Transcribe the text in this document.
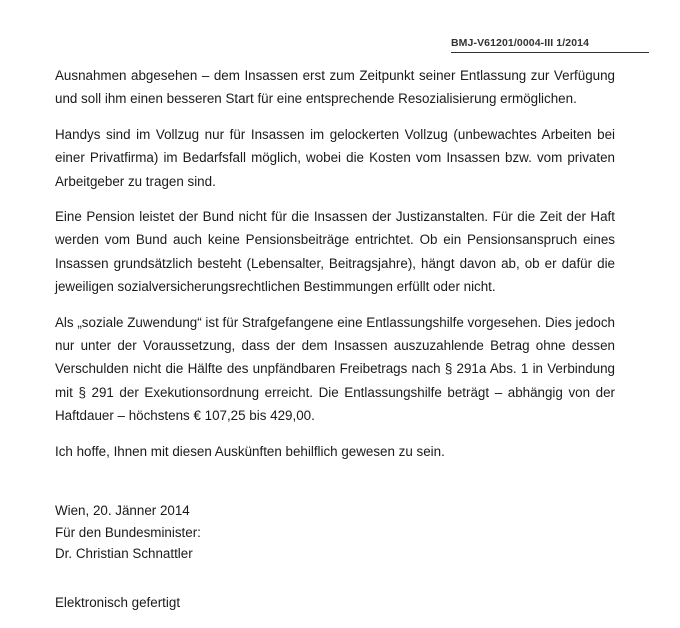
BMJ-V61201/0004-III 1/2014

Ausnahmen abgesehen – dem Insassen erst zum Zeitpunkt seiner Entlassung zur Verfügung und soll ihm einen besseren Start für eine entsprechende Resozialisierung ermöglichen.

Handys sind im Vollzug nur für Insassen im gelockerten Vollzug (unbewachtes Arbeiten bei einer Privatfirma) im Bedarfsfall möglich, wobei die Kosten vom Insassen bzw. vom privaten Arbeitgeber zu tragen sind.

Eine Pension leistet der Bund nicht für die Insassen der Justizanstalten. Für die Zeit der Haft werden vom Bund auch keine Pensionsbeiträge entrichtet. Ob ein Pensionsanspruch eines Insassen grundsätzlich besteht (Lebensalter, Beitragsjahre), hängt davon ab, ob er dafür die jeweiligen sozialversicherungsrechtlichen Bestimmungen erfüllt oder nicht.

Als „soziale Zuwendung“ ist für Strafgefangene eine Entlassungshilfe vorgesehen. Dies jedoch nur unter der Voraussetzung, dass der dem Insassen auszuzahlende Betrag ohne dessen Verschulden nicht die Hälfte des unpfändbaren Freibetrags nach § 291a Abs. 1 in Verbindung mit § 291 der Exekutionsordnung erreicht. Die Entlassungshilfe beträgt – abhängig von der Haftdauer – höchstens € 107,25 bis 429,00.

Ich hoffe, Ihnen mit diesen Auskünften behilflich gewesen zu sein.

Wien, 20. Jänner 2014
Für den Bundesminister:
Dr. Christian Schnattler
Elektronisch gefertigt
